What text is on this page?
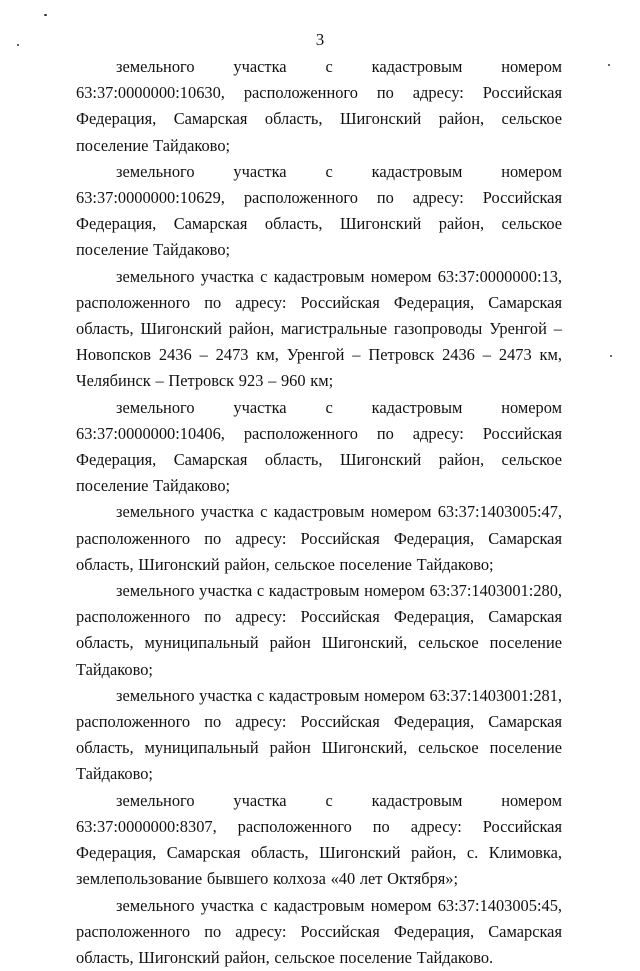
3

земельного участка с кадастровым номером 63:37:0000000:10630, расположенного по адресу: Российская Федерация, Самарская область, Шигонский район, сельское поселение Тайдаково;

земельного участка с кадастровым номером 63:37:0000000:10629, расположенного по адресу: Российская Федерация, Самарская область, Шигонский район, сельское поселение Тайдаково;

земельного участка с кадастровым номером 63:37:0000000:13, расположенного по адресу: Российская Федерация, Самарская область, Шигонский район, магистральные газопроводы Уренгой – Новопсков 2436 – 2473 км, Уренгой – Петровск 2436 – 2473 км, Челябинск – Петровск 923 – 960 км;

земельного участка с кадастровым номером 63:37:0000000:10406, расположенного по адресу: Российская Федерация, Самарская область, Шигонский район, сельское поселение Тайдаково;

земельного участка с кадастровым номером 63:37:1403005:47, расположенного по адресу: Российская Федерация, Самарская область, Шигонский район, сельское поселение Тайдаково;

земельного участка с кадастровым номером 63:37:1403001:280, расположенного по адресу: Российская Федерация, Самарская область, муниципальный район Шигонский, сельское поселение Тайдаково;

земельного участка с кадастровым номером 63:37:1403001:281, расположенного по адресу: Российская Федерация, Самарская область, муниципальный район Шигонский, сельское поселение Тайдаково;

земельного участка с кадастровым номером 63:37:0000000:8307, расположенного по адресу: Российская Федерация, Самарская область, Шигонский район, с. Климовка, землепользование бывшего колхоза «40 лет Октября»;

земельного участка с кадастровым номером 63:37:1403005:45, расположенного по адресу: Российская Федерация, Самарская область, Шигонский район, сельское поселение Тайдаково.
